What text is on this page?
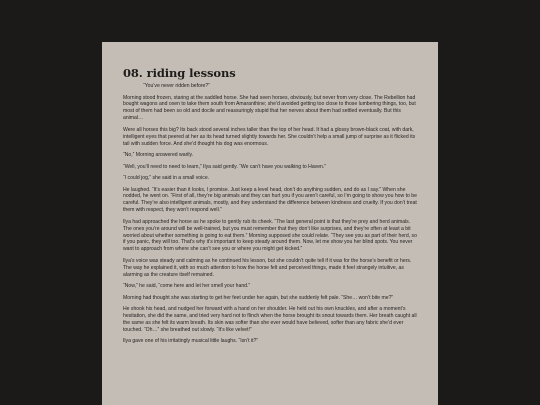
08. riding lessons

“You’ve never ridden before?”

Morning stood frozen, staring at the saddled horse. She had seen horses, obviously, but never from very close. The Rebellion had bought wagons and oxen to take them south from Amaranthine; she’d avoided getting too close to those lumbering things, too, but most of them had been so old and docile and reassuringly stupid that her nerves about them had settled eventually. But this animal…

Were all horses this big? Its back stood several inches taller than the top of her head. It had a glossy brown-black coat, with dark, intelligent eyes that peered at her as its head turned slightly towards her. She couldn’t help a small jump of surprise as it flicked its tail with sudden force. And she’d thought his dog was enormous.

“No,” Morning answered warily.

“Well, you’ll need to need to learn,” Ilya said gently. “We can’t have you walking to Haven.”

“I could jog,” she said in a small voice.

He laughed. “It’s easier than it looks, I promise. Just keep a level head, don’t do anything sudden, and do as I say.” When she nodded, he went on. “First of all, they’re big animals and they can hurt you if you aren’t careful, so I’m going to show you how to be careful. They’re also intelligent animals, mostly, and they understand the difference between kindness and cruelty. If you don’t treat them with respect, they won’t respond well.”

Ilya had approached the horse as he spoke to gently rub its cheek. “The last general point is that they’re prey and herd animals. The ones you’re around will be well-trained, but you must remember that they don’t like surprises, and they’re often at least a bit worried about whether something is going to eat them.” Morning supposed she could relate. “They see you as part of their herd, so if you panic, they will too. That’s why it’s important to keep steady around them. Now, let me show you her blind spots. You never want to approach from where she can’t see you or where you might get kicked.”

Ilya’s voice was steady and calming as he continued his lesson, but she couldn’t quite tell if it was for the horse’s benefit or hers. The way he explained it, with so much attention to how the horse felt and perceived things, made it feel strangely intuitive, as alarming as the creature itself remained.

“Now,” he said, “come here and let her smell your hand.”

Morning had thought she was starting to get her feet under her again, but she suddenly felt pale. “She… won’t bite me?”

He shook his head, and nudged her forward with a hand on her shoulder. He held out his own knuckles, and after a moment’s hesitation, she did the same, and tried very hard not to flinch when the horse brought its snout towards them. Her breath caught all the same as she felt its warm breath. Its skin was softer than she ever would have believed, softer than any fabric she’d ever touched. “Oh…” she breathed out slowly. “It’s like velvet!”

Ilya gave one of his irritatingly musical little laughs. “Isn’t it?”
